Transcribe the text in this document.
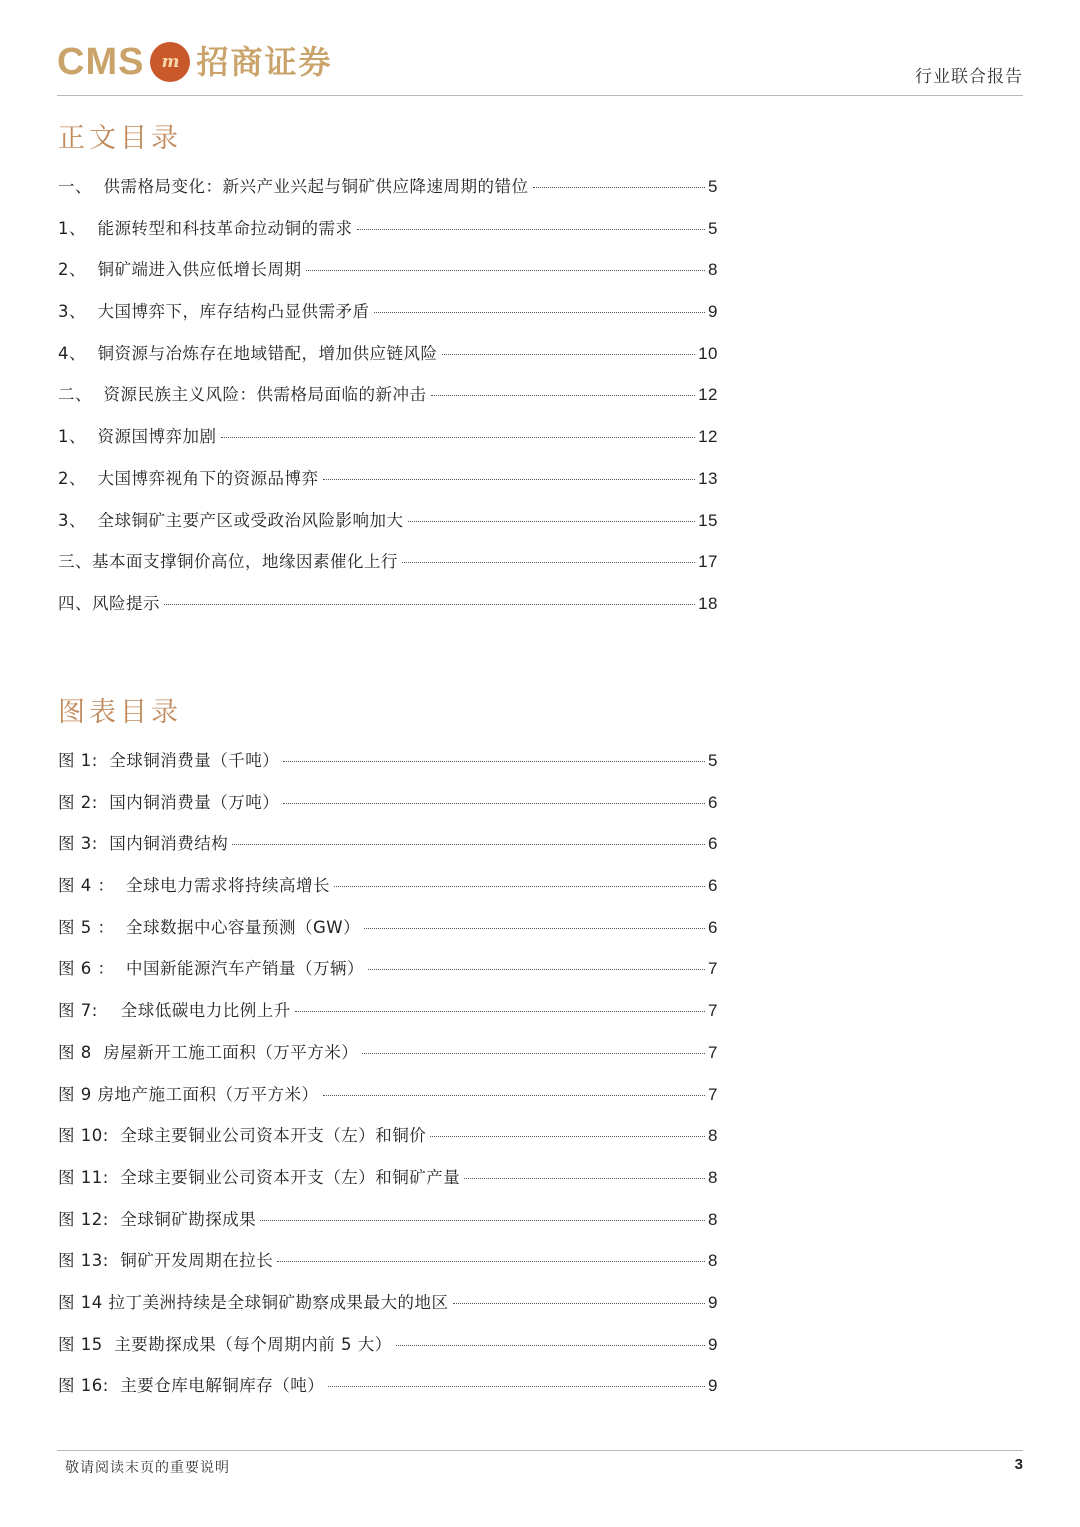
CMS	m 招商证券	行业联合报告
正文目录
一、  供需格局变化：新兴产业兴起与铜矿供应降速周期的错位	5
1、  能源转型和科技革命拉动铜的需求	5
2、  铜矿端进入供应低增长周期	8
3、  大国博弈下，库存结构凸显供需矛盾	9
4、  铜资源与冶炼存在地域错配，增加供应链风险	10
二、  资源民族主义风险：供需格局面临的新冲击	12
1、  资源国博弈加剧	12
2、  大国博弈视角下的资源品博弈	13
3、  全球铜矿主要产区或受政治风险影响加大	15
三、基本面支撑铜价高位，地缘因素催化上行	17
四、风险提示	18
图表目录
图 1:  全球铜消费量（千吨）	5
图 2:  国内铜消费量（万吨）	6
图 3:  国内铜消费结构	6
图 4 ：  全球电力需求将持续高增长	6
图 5 ：  全球数据中心容量预测（GW）	6
图 6 ：  中国新能源汽车产销量（万辆）	7
图 7:    全球低碳电力比例上升	7
图 8  房屋新开工施工面积（万平方米）	7
图 9 房地产施工面积（万平方米）	7
图 10:  全球主要铜业公司资本开支（左）和铜价	8
图 11:  全球主要铜业公司资本开支（左）和铜矿产量	8
图 12:  全球铜矿勘探成果	8
图 13:  铜矿开发周期在拉长	8
图 14 拉丁美洲持续是全球铜矿勘察成果最大的地区	9
图 15  主要勘探成果（每个周期内前 5 大）	9
图 16:  主要仓库电解铜库存（吨）	9
敬请阅读末页的重要说明	3
